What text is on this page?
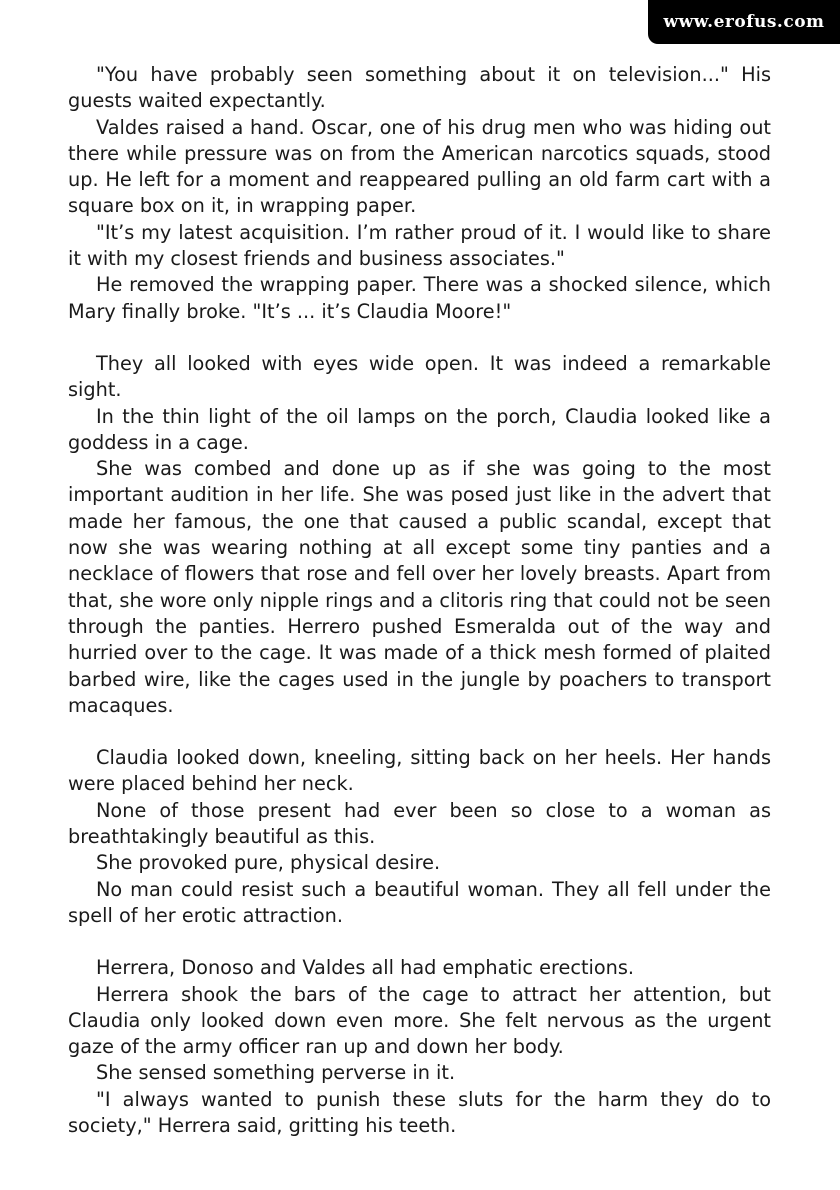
www.erofus.com

"You have probably seen something about it on television..." His guests waited expectantly.

Valdes raised a hand. Oscar, one of his drug men who was hiding out there while pressure was on from the American narcotics squads, stood up. He left for a moment and reappeared pulling an old farm cart with a square box on it, in wrapping paper.

"It’s my latest acquisition. I’m rather proud of it. I would like to share it with my closest friends and business associates."

He removed the wrapping paper. There was a shocked silence, which Mary finally broke. "It’s ... it’s Claudia Moore!"

They all looked with eyes wide open. It was indeed a remarkable sight.

In the thin light of the oil lamps on the porch, Claudia looked like a goddess in a cage.

She was combed and done up as if she was going to the most important audition in her life. She was posed just like in the advert that made her famous, the one that caused a public scandal, except that now she was wearing nothing at all except some tiny panties and a necklace of flowers that rose and fell over her lovely breasts. Apart from that, she wore only nipple rings and a clitoris ring that could not be seen through the panties. Herrero pushed Esmeralda out of the way and hurried over to the cage. It was made of a thick mesh formed of plaited barbed wire, like the cages used in the jungle by poachers to transport macaques.

Claudia looked down, kneeling, sitting back on her heels. Her hands were placed behind her neck.

None of those present had ever been so close to a woman as breathtakingly beautiful as this.

She provoked pure, physical desire.

No man could resist such a beautiful woman. They all fell under the spell of her erotic attraction.

Herrera, Donoso and Valdes all had emphatic erections.

Herrera shook the bars of the cage to attract her attention, but Claudia only looked down even more. She felt nervous as the urgent gaze of the army officer ran up and down her body.

She sensed something perverse in it.

"I always wanted to punish these sluts for the harm they do to society," Herrera said, gritting his teeth.
